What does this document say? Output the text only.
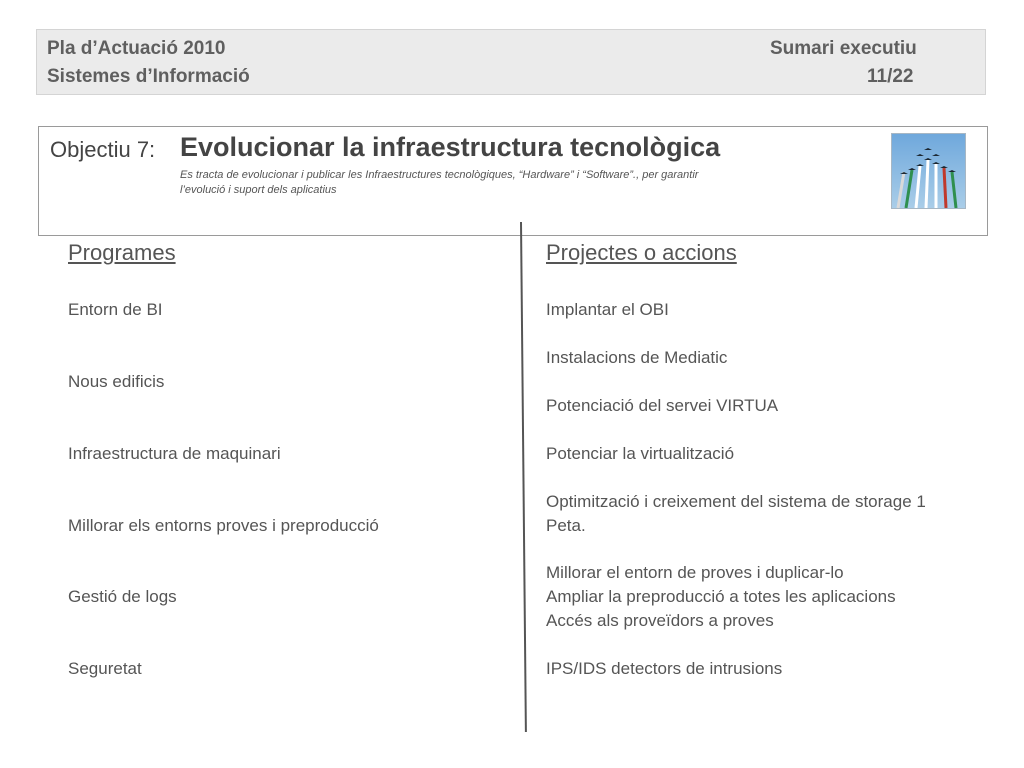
Pla d’Actuació 2010
Sistemes d’Informació
Sumari executiu
11/22
Objectiu 7: Evolucionar la infraestructura tecnològica
Es tracta de evolucionar i publicar les Infraestructures tecnològiques, “Hardware” i “Software”., per garantir
l’evolució i suport dels aplicatius
Programes
Entorn de BI
Nous edificis
Infraestructura de maquinari
Millorar els entorns proves i preproducció
Gestió de logs
Seguretat
Projectes o accions
Implantar el OBI
Instalacions de Mediatic
Potenciació del servei VIRTUA
Potenciar la virtualització
Optimització i creixement del sistema de storage 1
Peta.
Millorar el entorn de proves i duplicar-lo
Ampliar la preproducció a totes les aplicacions
Accés als proveïdors a proves
IPS/IDS detectors de intrusions
